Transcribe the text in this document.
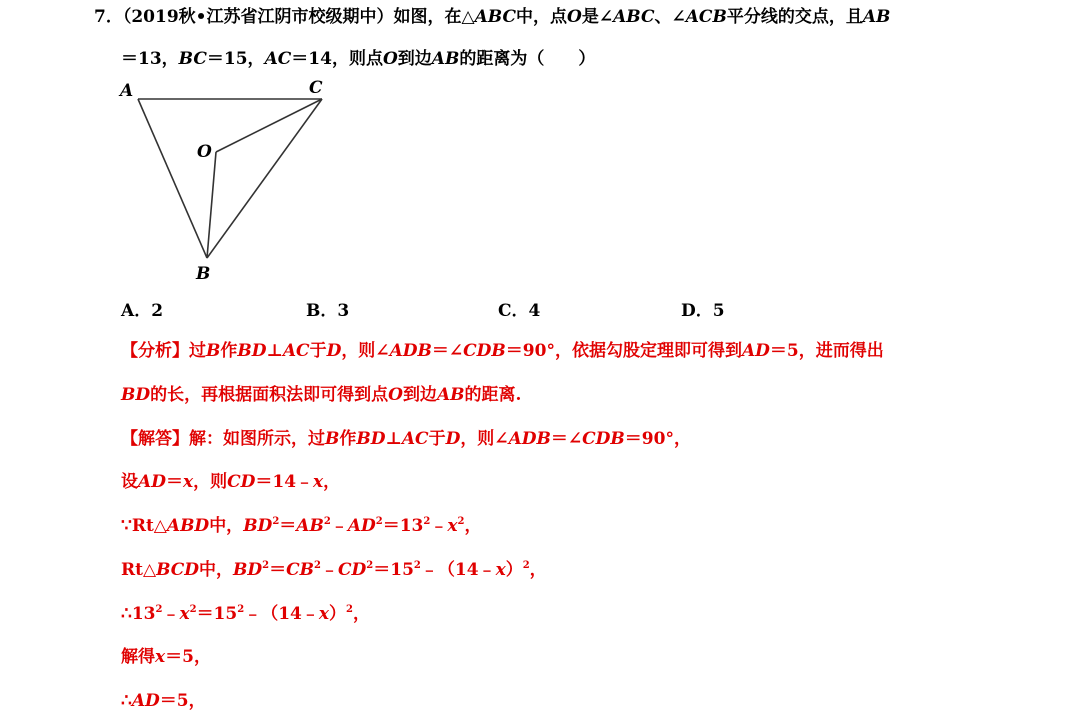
7．（2019秋•江苏省江阴市校级期中）如图，在△ABC中，点O是∠ABC、∠ACB平分线的交点，且AB
＝13，BC＝15，AC＝14，则点O到边AB的距离为（　　）
A	C
O
B
A．2	B．3	C．4	D．5
【分析】过B作BD⊥AC于D，则∠ADB＝∠CDB＝90°，依据勾股定理即可得到AD＝5，进而得出
BD的长，再根据面积法即可得到点O到边AB的距离.
【解答】解：如图所示，过B作BD⊥AC于D，则∠ADB＝∠CDB＝90°，
设AD＝x，则CD＝14﹣x，
∵Rt△ABD中，$BD^2=AB^2﹣AD^2=13^2﹣x^2$，
Rt△BCD中，$BD^2=CB^2﹣CD^2=15^2﹣(14﹣x)^2$，
$\therefore 13^2﹣x^2=15^2﹣(14﹣x)^2$，
解得x＝5，
∴AD＝5，
